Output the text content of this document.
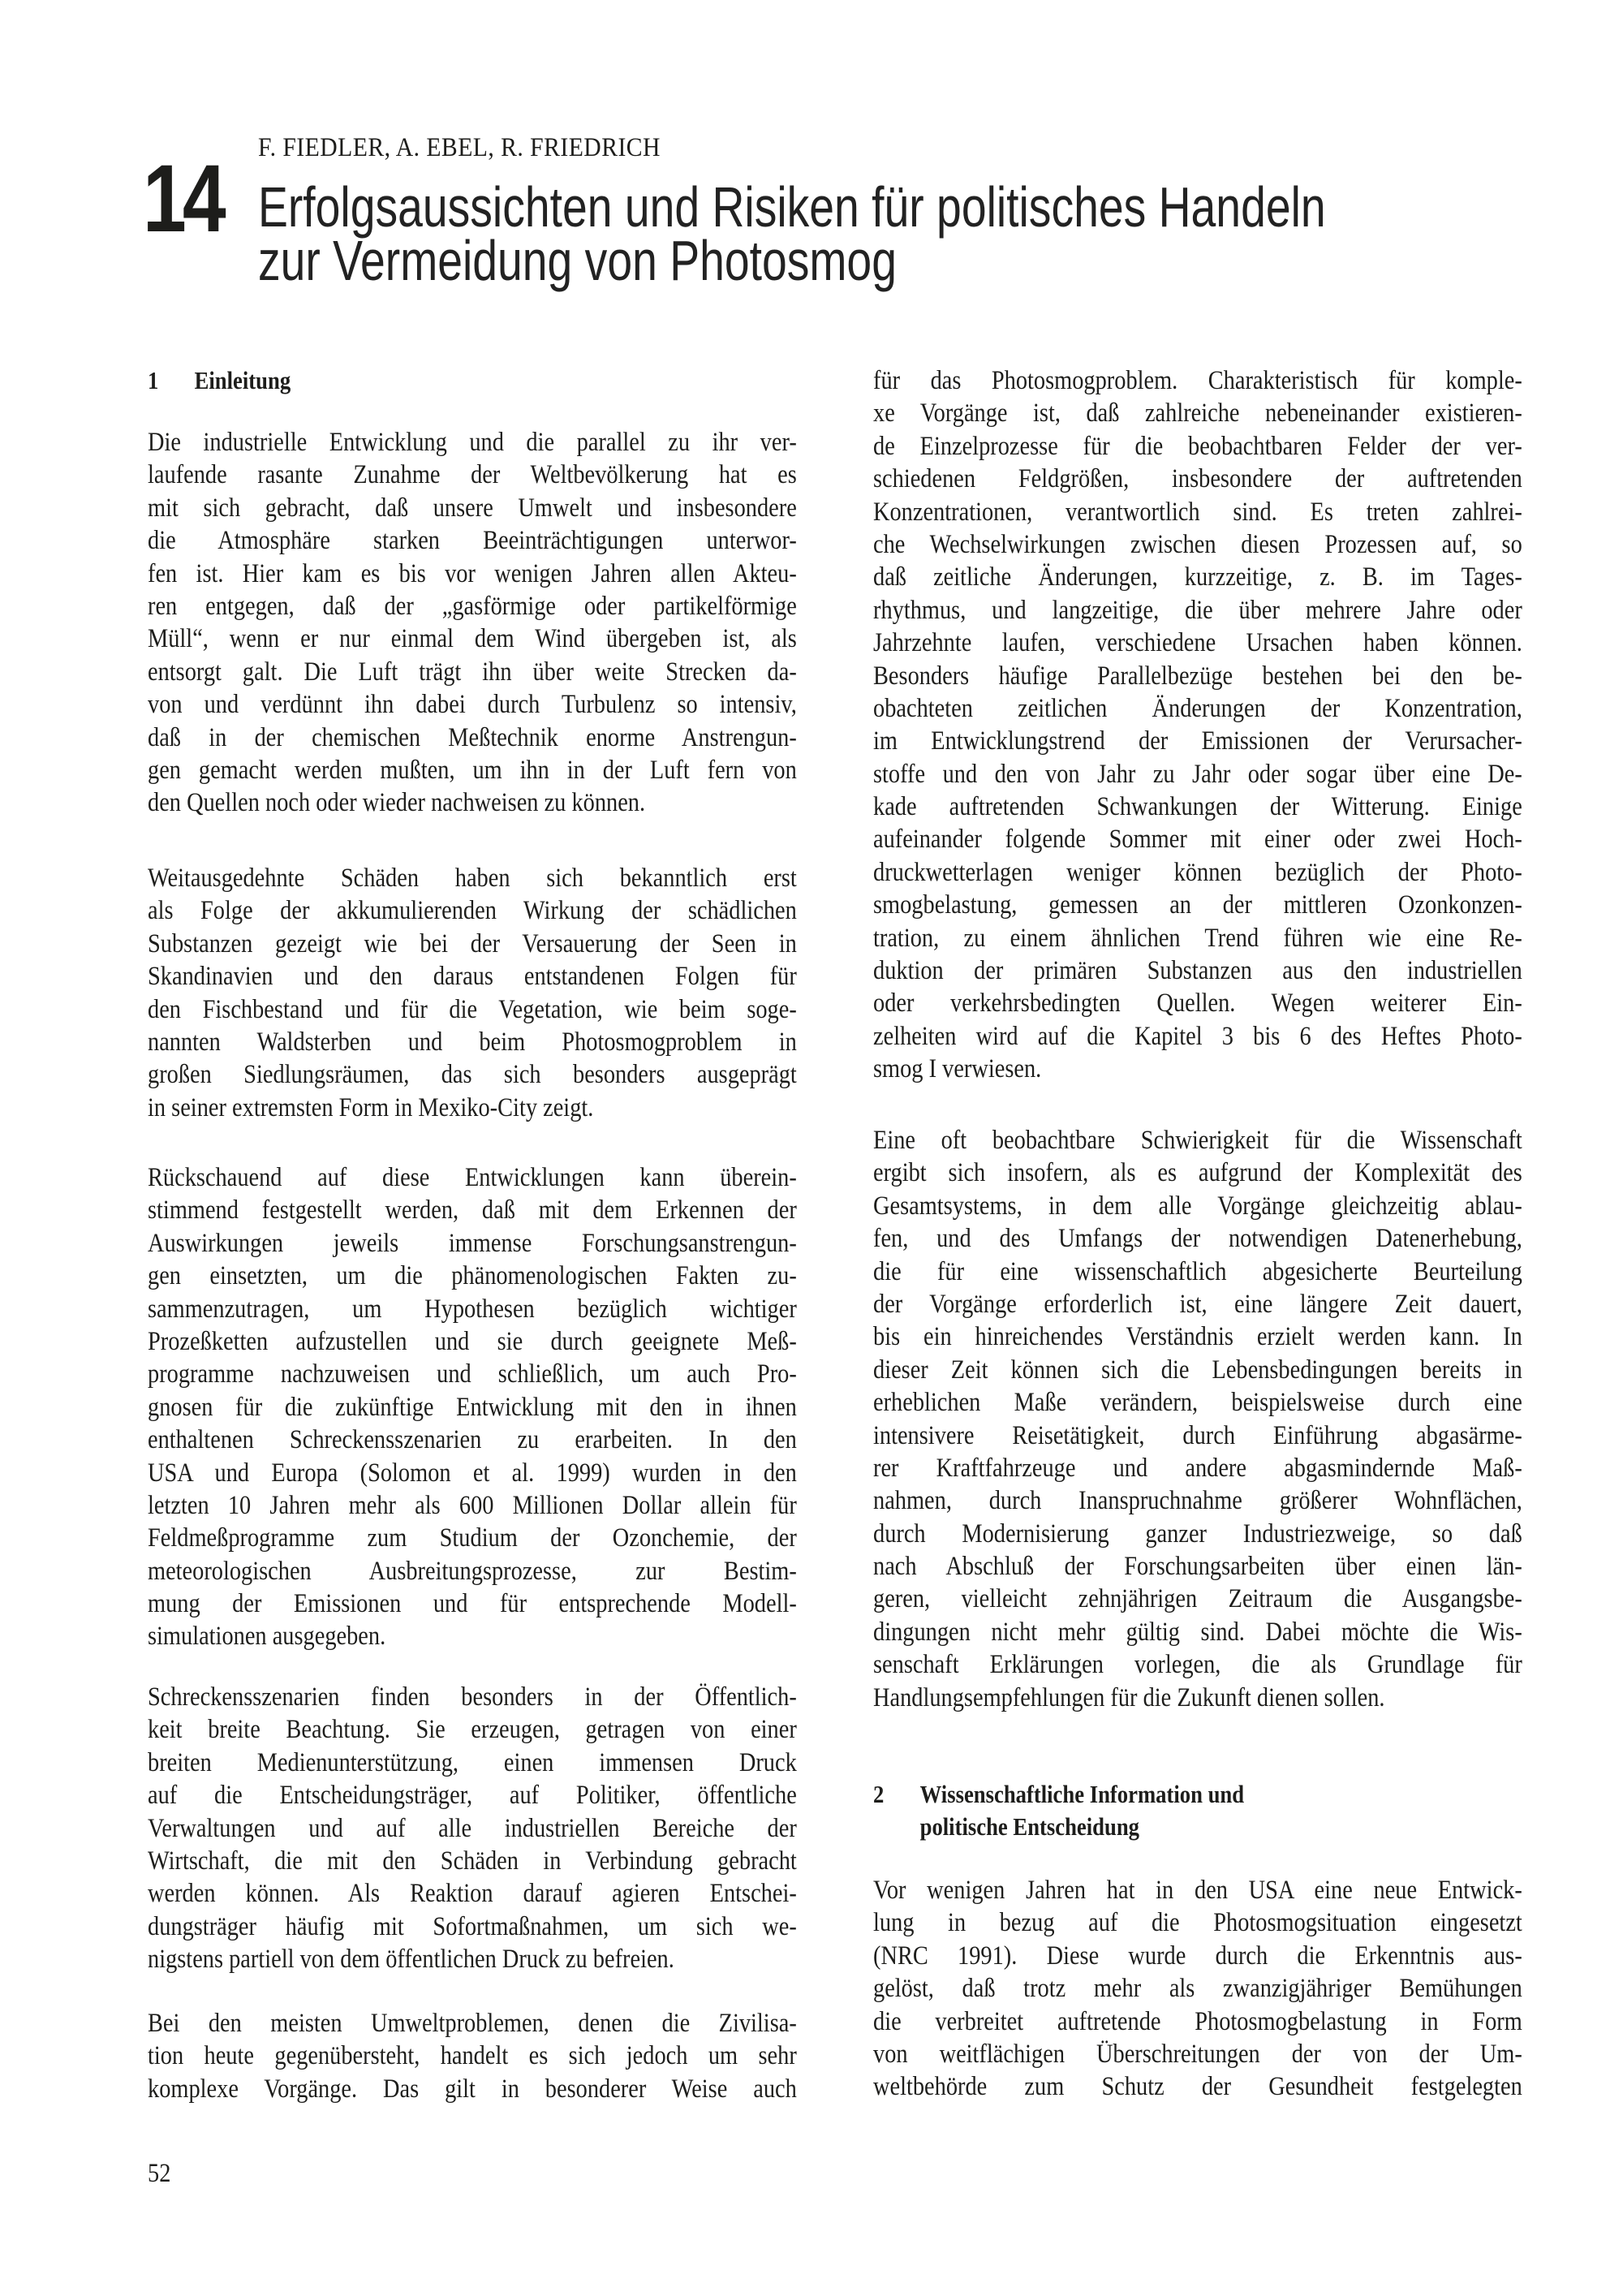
F. FIEDLER, A. EBEL, R. FRIEDRICH
14 Erfolgsaussichten und Risiken für politisches Handeln
zur Vermeidung von Photosmog
1 Einleitung
Die industrielle Entwicklung und die parallel zu ihr ver-
laufende rasante Zunahme der Weltbevölkerung hat es
mit sich gebracht, daß unsere Umwelt und insbesondere
die Atmosphäre starken Beeinträchtigungen unterwor-
fen ist. Hier kam es bis vor wenigen Jahren allen Akteu-
ren entgegen, daß der „gasförmige oder partikelförmige
Müll“, wenn er nur einmal dem Wind übergeben ist, als
entsorgt galt. Die Luft trägt ihn über weite Strecken da-
von und verdünnt ihn dabei durch Turbulenz so intensiv,
daß in der chemischen Meßtechnik enorme Anstrengun-
gen gemacht werden mußten, um ihn in der Luft fern von
den Quellen noch oder wieder nachweisen zu können.
Weitausgedehnte Schäden haben sich bekanntlich erst
als Folge der akkumulierenden Wirkung der schädlichen
Substanzen gezeigt wie bei der Versauerung der Seen in
Skandinavien und den daraus entstandenen Folgen für
den Fischbestand und für die Vegetation, wie beim soge-
nannten Waldsterben und beim Photosmogproblem in
großen Siedlungsräumen, das sich besonders ausgeprägt
in seiner extremsten Form in Mexiko-City zeigt.
Rückschauend auf diese Entwicklungen kann überein-
stimmend festgestellt werden, daß mit dem Erkennen der
Auswirkungen jeweils immense Forschungsanstrengun-
gen einsetzten, um die phänomenologischen Fakten zu-
sammenzutragen, um Hypothesen bezüglich wichtiger
Prozeßketten aufzustellen und sie durch geeignete Meß-
programme nachzuweisen und schließlich, um auch Pro-
gnosen für die zukünftige Entwicklung mit den in ihnen
enthaltenen Schreckensszenarien zu erarbeiten. In den
USA und Europa (Solomon et al. 1999) wurden in den
letzten 10 Jahren mehr als 600 Millionen Dollar allein für
Feldmeßprogramme zum Studium der Ozonchemie, der
meteorologischen Ausbreitungsprozesse, zur Bestim-
mung der Emissionen und für entsprechende Modell-
simulationen ausgegeben.
Schreckensszenarien finden besonders in der Öffentlich-
keit breite Beachtung. Sie erzeugen, getragen von einer
breiten Medienunterstützung, einen immensen Druck
auf die Entscheidungsträger, auf Politiker, öffentliche
Verwaltungen und auf alle industriellen Bereiche der
Wirtschaft, die mit den Schäden in Verbindung gebracht
werden können. Als Reaktion darauf agieren Entschei-
dungsträger häufig mit Sofortmaßnahmen, um sich we-
nigstens partiell von dem öffentlichen Druck zu befreien.
Bei den meisten Umweltproblemen, denen die Zivilisa-
tion heute gegenübersteht, handelt es sich jedoch um sehr
komplexe Vorgänge. Das gilt in besonderer Weise auch
2 Wissenschaftliche Information und
politische Entscheidung
für das Photosmogproblem. Charakteristisch für komple-
xe Vorgänge ist, daß zahlreiche nebeneinander existieren-
de Einzelprozesse für die beobachtbaren Felder der ver-
schiedenen Feldgrößen, insbesondere der auftretenden
Konzentrationen, verantwortlich sind. Es treten zahlrei-
che Wechselwirkungen zwischen diesen Prozessen auf, so
daß zeitliche Änderungen, kurzzeitige, z. B. im Tages-
rhythmus, und langzeitige, die über mehrere Jahre oder
Jahrzehnte laufen, verschiedene Ursachen haben können.
Besonders häufige Parallelbezüge bestehen bei den be-
obachteten zeitlichen Änderungen der Konzentration,
im Entwicklungstrend der Emissionen der Verursacher-
stoffe und den von Jahr zu Jahr oder sogar über eine De-
kade auftretenden Schwankungen der Witterung. Einige
aufeinander folgende Sommer mit einer oder zwei Hoch-
druckwetterlagen weniger können bezüglich der Photo-
smogbelastung, gemessen an der mittleren Ozonkonzen-
tration, zu einem ähnlichen Trend führen wie eine Re-
duktion der primären Substanzen aus den industriellen
oder verkehrsbedingten Quellen. Wegen weiterer Ein-
zelheiten wird auf die Kapitel 3 bis 6 des Heftes Photo-
smog I verwiesen.
Eine oft beobachtbare Schwierigkeit für die Wissenschaft
ergibt sich insofern, als es aufgrund der Komplexität des
Gesamtsystems, in dem alle Vorgänge gleichzeitig ablau-
fen, und des Umfangs der notwendigen Datenerhebung,
die für eine wissenschaftlich abgesicherte Beurteilung
der Vorgänge erforderlich ist, eine längere Zeit dauert,
bis ein hinreichendes Verständnis erzielt werden kann. In
dieser Zeit können sich die Lebensbedingungen bereits in
erheblichen Maße verändern, beispielsweise durch eine
intensivere Reisetätigkeit, durch Einführung abgasärme-
rer Kraftfahrzeuge und andere abgasmindernde Maß-
nahmen, durch Inanspruchnahme größerer Wohnflächen,
durch Modernisierung ganzer Industriezweige, so daß
nach Abschluß der Forschungsarbeiten über einen län-
geren, vielleicht zehnjährigen Zeitraum die Ausgangsbe-
dingungen nicht mehr gültig sind. Dabei möchte die Wis-
senschaft Erklärungen vorlegen, die als Grundlage für
Handlungsempfehlungen für die Zukunft dienen sollen.
Vor wenigen Jahren hat in den USA eine neue Entwick-
lung in bezug auf die Photosmogsituation eingesetzt
(NRC 1991). Diese wurde durch die Erkenntnis aus-
gelöst, daß trotz mehr als zwanzigjähriger Bemühungen
die verbreitet auftretende Photosmogbelastung in Form
von weitflächigen Überschreitungen der von der Um-
weltbehörde zum Schutz der Gesundheit festgelegten
52
